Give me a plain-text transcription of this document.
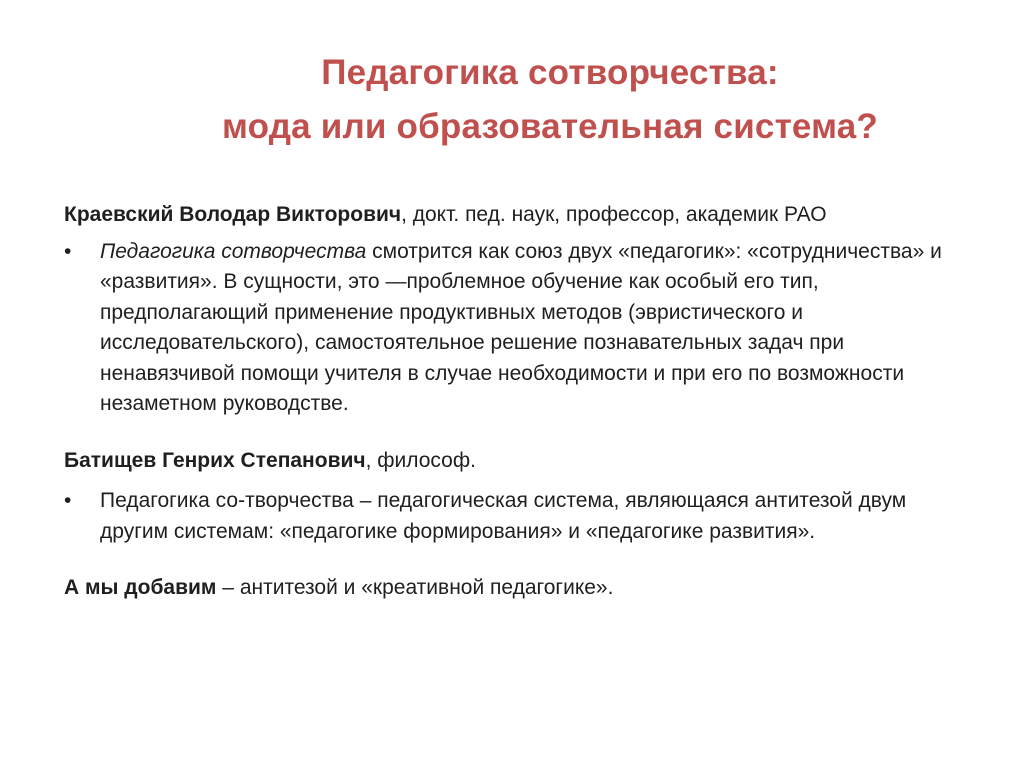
Педагогика сотворчества:
мода или образовательная система?

Краевский Володар Викторович, докт. пед. наук, профессор, академик РАО

• Педагогика сотворчества смотрится как союз двух «педагогик»: «сотрудничества» и «развития». В сущности, это —проблемное обучение как особый его тип, предполагающий применение продуктивных методов (эвристического и исследовательского), самостоятельное решение познавательных задач при ненавязчивой помощи учителя в случае необходимости и при его по возможности незаметном руководстве.

Батищев Генрих Степанович, философ.

• Педагогика со-творчества – педагогическая система, являющаяся антитезой двум другим системам: «педагогике формирования» и «педагогике развития».

А мы добавим – антитезой и «креативной педагогике».
